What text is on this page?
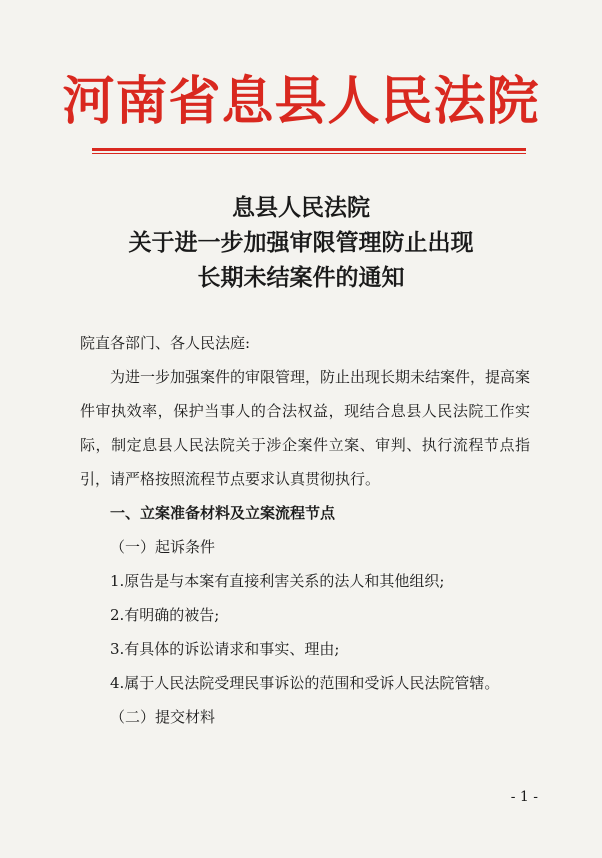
河南省息县人民法院
息县人民法院
关于进一步加强审限管理防止出现
长期未结案件的通知

院直各部门、各人民法庭:

为进一步加强案件的审限管理，防止出现长期未结案件，提高案件审执效率，保护当事人的合法权益，现结合息县人民法院工作实际，制定息县人民法院关于涉企案件立案、审判、执行流程节点指引，请严格按照流程节点要求认真贯彻执行。

一、立案准备材料及立案流程节点

（一）起诉条件

1.原告是与本案有直接利害关系的法人和其他组织;

2.有明确的被告;

3.有具体的诉讼请求和事实、理由;

4.属于人民法院受理民事诉讼的范围和受诉人民法院管辖。

（二）提交材料

- 1 -
